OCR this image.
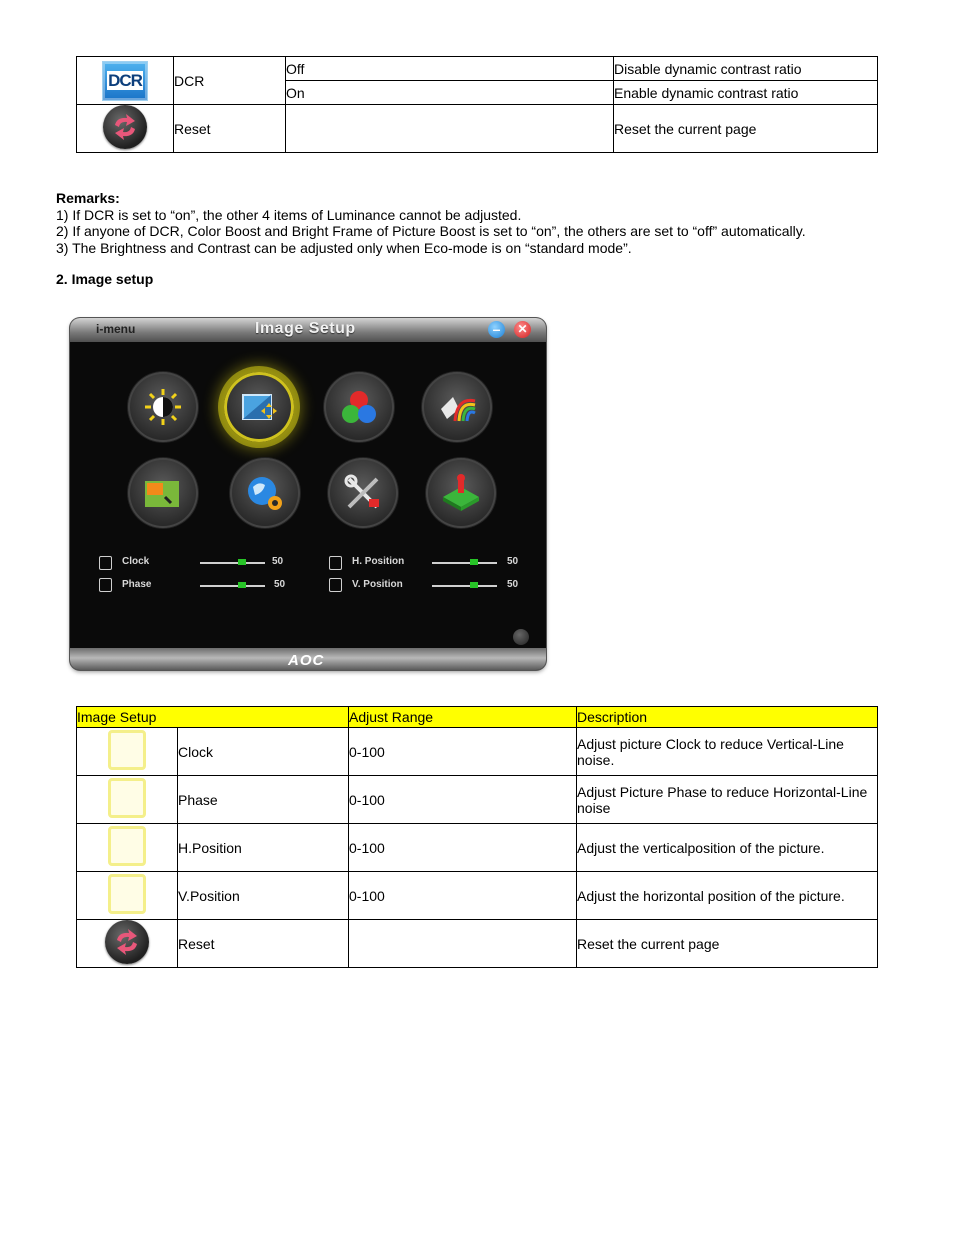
DCR	DCR	Off	Disable dynamic contrast ratio
		On	Enable dynamic contrast ratio

	Reset		Reset the current page
Remarks:
1) If DCR is set to “on”, the other 4 items of Luminance cannot be adjusted.
2) If anyone of DCR, Color Boost and Bright Frame of Picture Boost is set to “on”, the others are set to “off” automatically.
3) The Brightness and Contrast can be adjusted only when Eco-mode is on “standard mode”.
2. Image setup
i-menu	Image Setup	–	✕
Clock	50
Phase	50
H. Position	50
V. Position	50
AOC
Image Setup		Adjust Range	Description
	Clock	0-100	Adjust picture Clock to reduce Vertical-Line noise.
	Phase	0-100	Adjust Picture Phase to reduce Horizontal-Line noise
	H.Position	0-100	Adjust the verticalposition of the picture.
	V.Position	0-100	Adjust the horizontal position of the picture.

	Reset		Reset the current page
